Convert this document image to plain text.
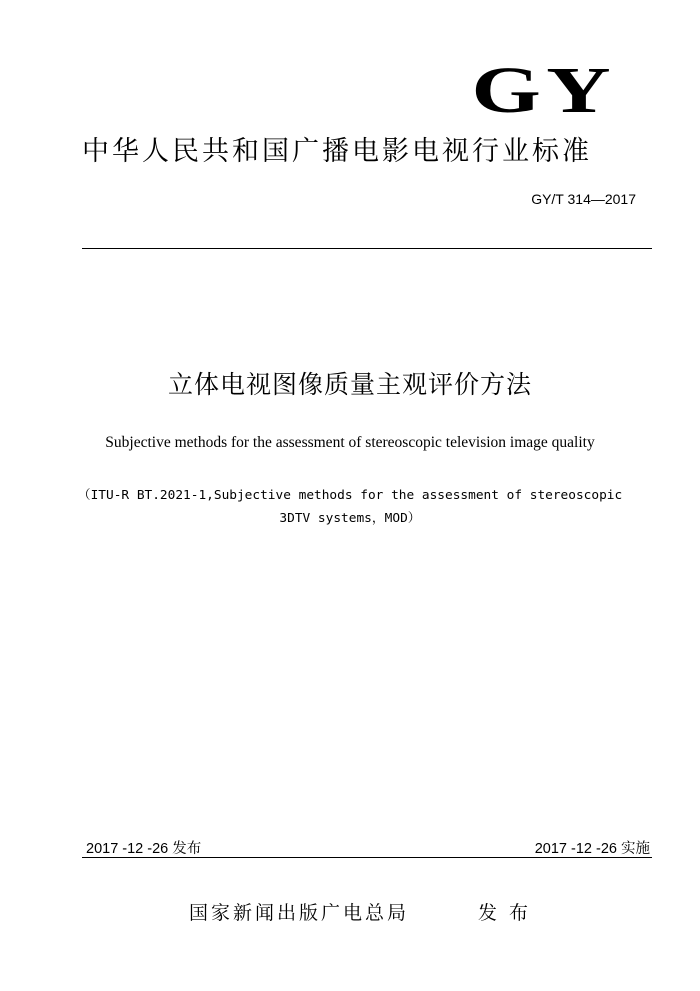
GY
中华人民共和国广播电影电视行业标准
GY/T 314—2017
立体电视图像质量主观评价方法
Subjective methods for the assessment of stereoscopic television image quality
（ITU-R BT.2021-1,Subjective methods for the assessment of stereoscopic
3DTV systems，MOD）
2017 -12 -26 发布	2017 -12 -26 实施
国家新闻出版广电总局	发布
